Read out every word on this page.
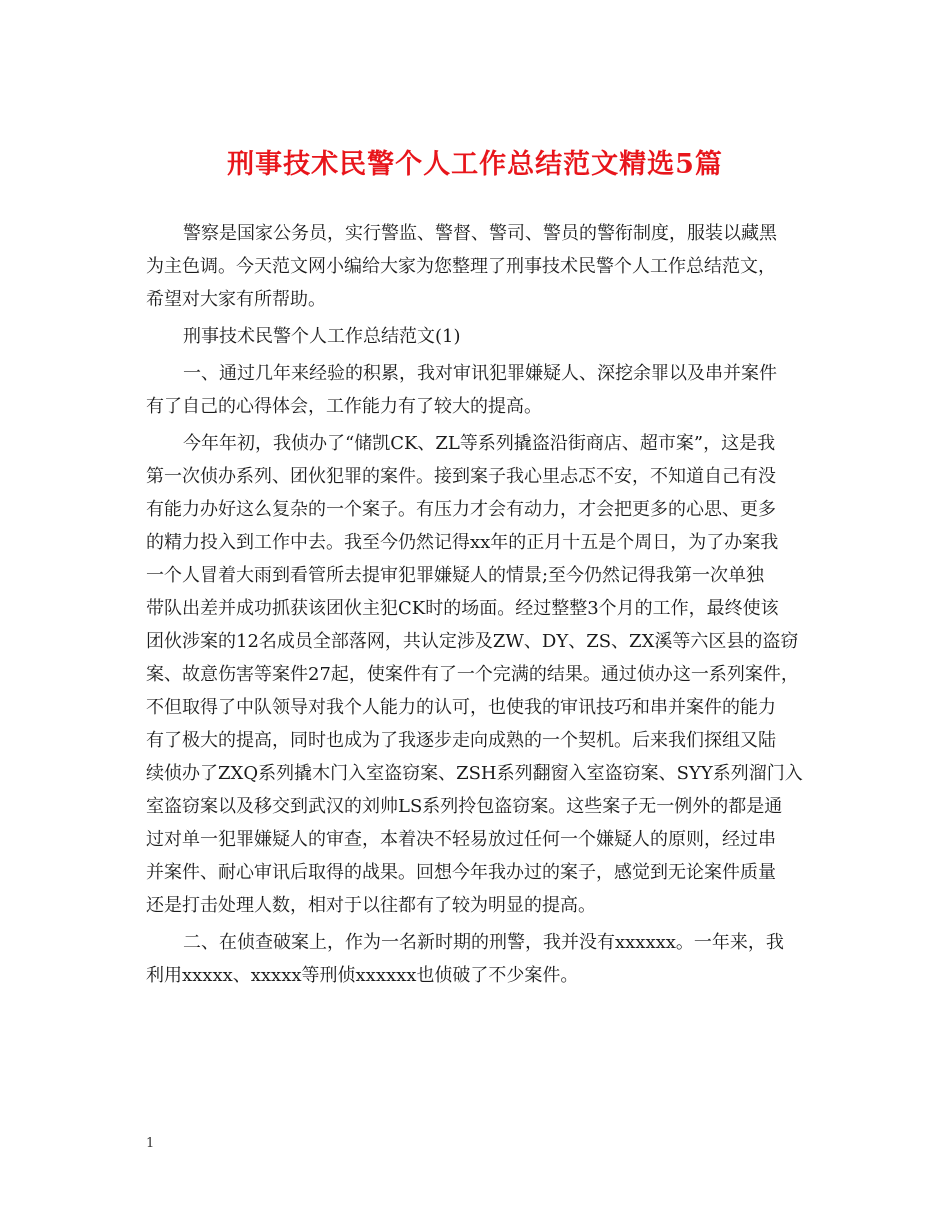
刑事技术民警个人工作总结范文精选5篇
警察是国家公务员，实行警监、警督、警司、警员的警衔制度，服装以藏黑
为主色调。今天范文网小编给大家为您整理了刑事技术民警个人工作总结范文，
希望对大家有所帮助。
刑事技术民警个人工作总结范文(1)
一、通过几年来经验的积累，我对审讯犯罪嫌疑人、深挖余罪以及串并案件
有了自己的心得体会，工作能力有了较大的提高。
今年年初，我侦办了“储凯CK、ZL等系列撬盗沿街商店、超市案”，这是我
第一次侦办系列、团伙犯罪的案件。接到案子我心里忐忑不安，不知道自己有没
有能力办好这么复杂的一个案子。有压力才会有动力，才会把更多的心思、更多
的精力投入到工作中去。我至今仍然记得xx年的正月十五是个周日，为了办案我
一个人冒着大雨到看管所去提审犯罪嫌疑人的情景;至今仍然记得我第一次单独
带队出差并成功抓获该团伙主犯CK时的场面。经过整整3个月的工作，最终使该
团伙涉案的12名成员全部落网，共认定涉及ZW、DY、ZS、ZX溪等六区县的盗窃
案、故意伤害等案件27起，使案件有了一个完满的结果。通过侦办这一系列案件，
不但取得了中队领导对我个人能力的认可，也使我的审讯技巧和串并案件的能力
有了极大的提高，同时也成为了我逐步走向成熟的一个契机。后来我们探组又陆
续侦办了ZXQ系列撬木门入室盗窃案、ZSH系列翻窗入室盗窃案、SYY系列溜门入
室盗窃案以及移交到武汉的刘帅LS系列拎包盗窃案。这些案子无一例外的都是通
过对单一犯罪嫌疑人的审查，本着决不轻易放过任何一个嫌疑人的原则，经过串
并案件、耐心审讯后取得的战果。回想今年我办过的案子，感觉到无论案件质量
还是打击处理人数，相对于以往都有了较为明显的提高。
二、在侦查破案上，作为一名新时期的刑警，我并没有xxxxxx。一年来，我
利用xxxxx、xxxxx等刑侦xxxxxx也侦破了不少案件。
1
